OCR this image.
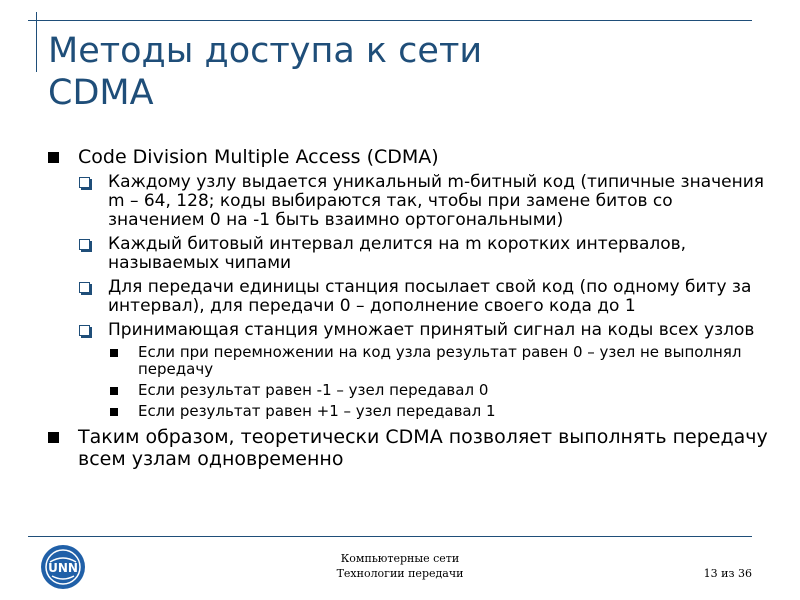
Методы доступа к сети
CDMA
Code Division Multiple Access (CDMA)
Каждому узлу выдается уникальный m-битный код (типичные значения m – 64, 128; коды выбираются так, чтобы при замене битов со значением 0 на -1 быть взаимно ортогональными)
Каждый битовый интервал делится на m коротких интервалов, называемых чипами
Для передачи единицы станция посылает свой код (по одному биту за интервал), для передачи 0 – дополнение своего кода до 1
Принимающая станция умножает принятый сигнал на коды всех узлов
Если при перемножении на код узла результат равен 0 – узел не выполнял передачу
Если результат равен -1 – узел передавал 0
Если результат равен +1 – узел передавал 1
Таким образом, теоретически CDMA позволяет выполнять передачу всем узлам одновременно
UNN
Компьютерные сети
Технологии передачи	13 из 36
